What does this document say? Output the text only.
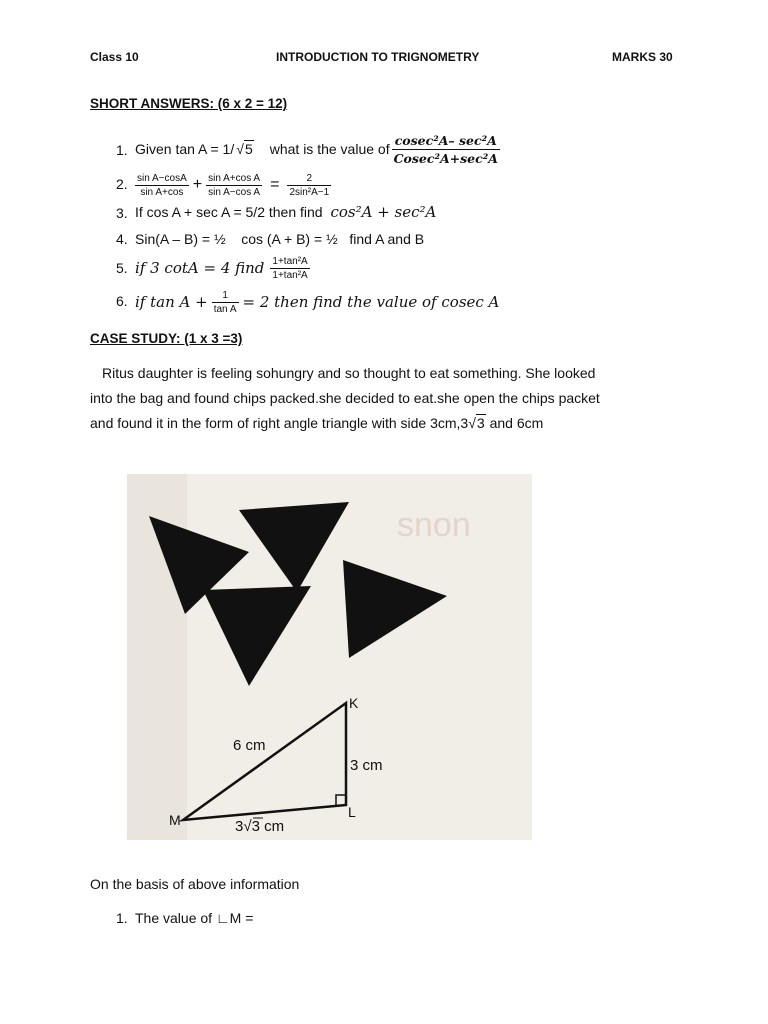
Class 10	INTRODUCTION TO TRIGNOMETRY	MARKS 30
SHORT ANSWERS: (6 x 2 = 12)
1. Given tan A = 1/ √5 what is the value of $\frac{\text{cosec²A– sec²A}}{\text{Cosec²A+sec²A}}$
2. $\frac{\text{sin A−cosA}}{\text{sin A+cos}} + \frac{\text{sin A+cos A}}{\text{sin A−cos A}} = \frac{2}{\text{2sin²A−1}}$
3. If cos A + sec A = 5/2 then find cos²A + sec²A
4. Sin(A – B) = ½    cos (A + B) = ½   find A and B
5. if 3 cotA = 4 find $\frac{\text{1+tan²A}}{\text{1+tan²A}}$
6. if $\tan A + \frac{1}{\text{tan A}} = 2$ then find the value of cosec A
CASE STUDY: (1 x 3 =3)
Ritus daughter is feeling sohungry and so thought to eat something. She looked
into the bag and found chips packed.she decided to eat.she open the chips packet
and found it in the form of right angle triangle with side 3cm,3√3 and 6cm
snon
K
L
M
6 cm
3 cm
3√3 cm
On the basis of above information
1. The value of ∟M =
